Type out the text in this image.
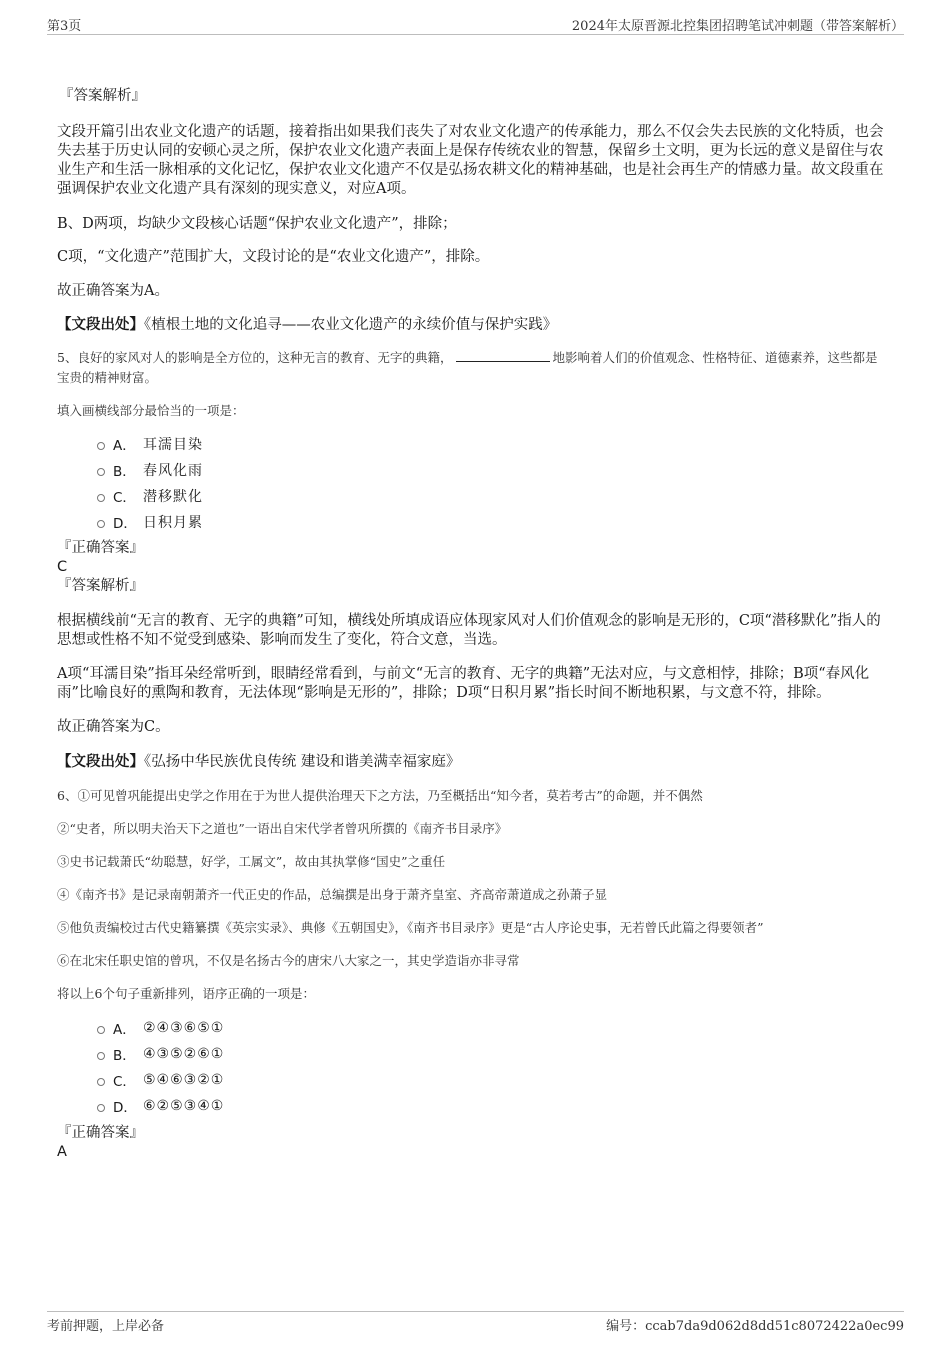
第3页	2024年太原晋源北控集团招聘笔试冲刺题（带答案解析）

『答案解析』

文段开篇引出农业文化遗产的话题，接着指出如果我们丧失了对农业文化遗产的传承能力，那么不仅会失去民族的文化特质，也会失去基于历史认同的安顿心灵之所，保护农业文化遗产表面上是保存传统农业的智慧，保留乡土文明，更为长远的意义是留住与农业生产和生活一脉相承的文化记忆，保护农业文化遗产不仅是弘扬农耕文化的精神基础，也是社会再生产的情感力量。故文段重在强调保护农业文化遗产具有深刻的现实意义，对应A项。

B、D两项，均缺少文段核心话题“保护农业文化遗产”，排除；

C项，“文化遗产”范围扩大，文段讨论的是“农业文化遗产”，排除。

故正确答案为A。

【文段出处】《植根土地的文化追寻——农业文化遗产的永续价值与保护实践》

5、良好的家风对人的影响是全方位的，这种无言的教育、无字的典籍，	地影响着人们的价值观念、性格特征、道德素养，这些都是宝贵的精神财富。

填入画横线部分最恰当的一项是：

A． 耳濡目染
B． 春风化雨
C． 潜移默化
D． 日积月累

『正确答案』

C

『答案解析』

根据横线前“无言的教育、无字的典籍”可知，横线处所填成语应体现家风对人们价值观念的影响是无形的，C项“潜移默化”指人的思想或性格不知不觉受到感染、影响而发生了变化，符合文意，当选。

A项“耳濡目染”指耳朵经常听到，眼睛经常看到，与前文“无言的教育、无字的典籍”无法对应，与文意相悖，排除；B项“春风化雨”比喻良好的熏陶和教育，无法体现“影响是无形的”，排除；D项“日积月累”指长时间不断地积累，与文意不符，排除。

故正确答案为C。

【文段出处】《弘扬中华民族优良传统 建设和谐美满幸福家庭》

6、①可见曾巩能提出史学之作用在于为世人提供治理天下之方法，乃至概括出“知今者，莫若考古”的命题，并不偶然

②“史者，所以明夫治天下之道也”一语出自宋代学者曾巩所撰的《南齐书目录序》

③史书记载萧氏“幼聪慧，好学，工属文”，故由其执掌修“国史”之重任

④《南齐书》是记录南朝萧齐一代正史的作品，总编撰是出身于萧齐皇室、齐高帝萧道成之孙萧子显

⑤他负责编校过古代史籍纂撰《英宗实录》、典修《五朝国史》，《南齐书目录序》更是“古人序论史事，无若曾氏此篇之得要领者”

⑥在北宋任职史馆的曾巩，不仅是名扬古今的唐宋八大家之一，其史学造诣亦非寻常

将以上6个句子重新排列，语序正确的一项是：

A． ②④③⑥⑤①
B． ④③⑤②⑥①
C． ⑤④⑥③②①
D． ⑥②⑤③④①

『正确答案』

A

考前押题，上岸必备	编号：ccab7da9d062d8dd51c8072422a0ec99
